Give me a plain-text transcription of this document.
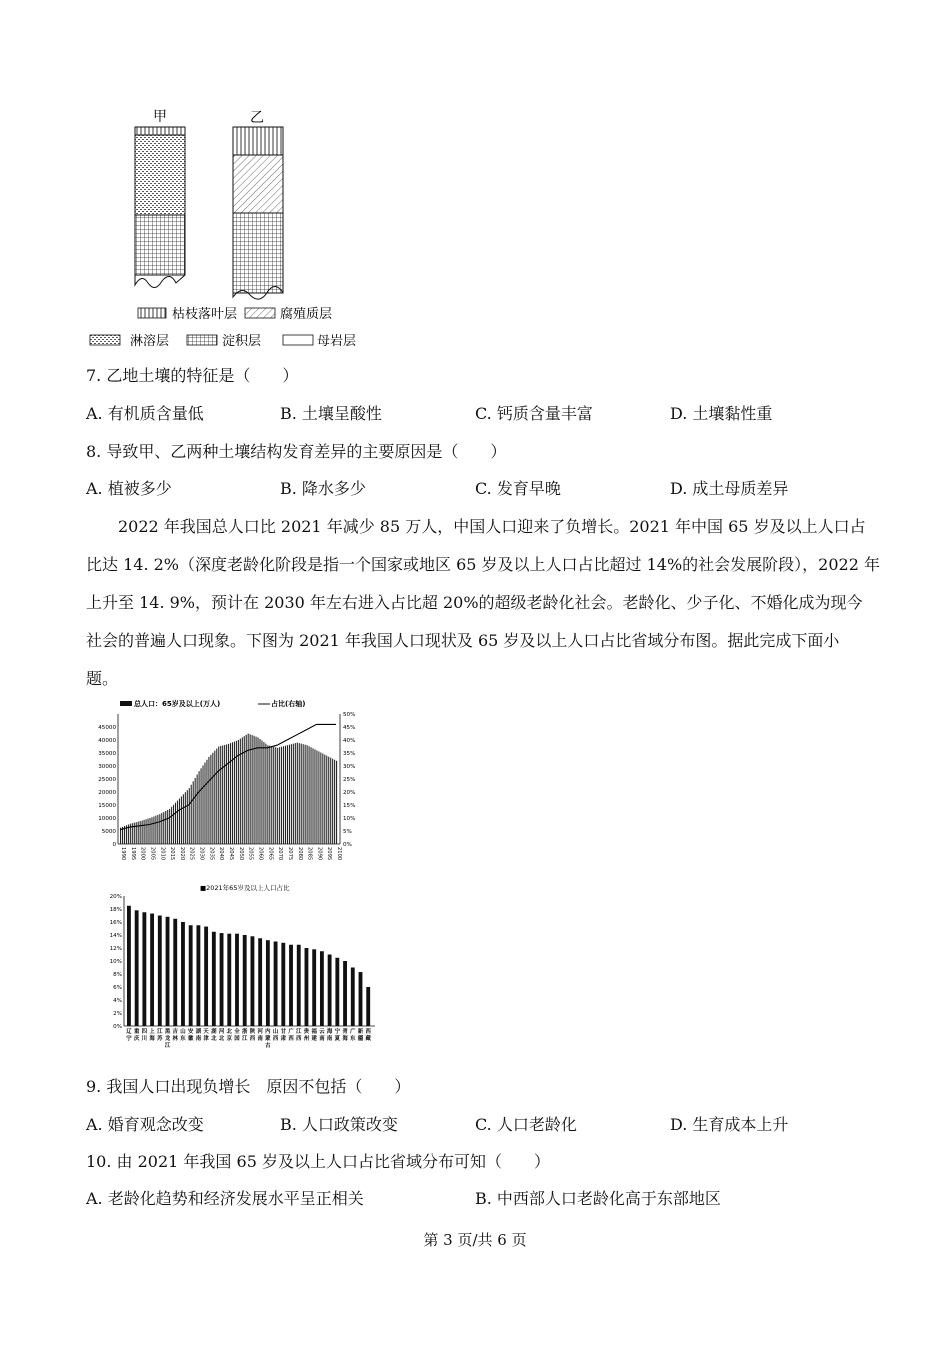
甲	乙
枯枝落叶层	腐殖质层
淋溶层	淀积层	母岩层
7. 乙地土壤的特征是（　　）
A. 有机质含量低	B. 土壤呈酸性	C. 钙质含量丰富	D. 土壤黏性重
8. 导致甲、乙两种土壤结构发育差异的主要原因是（　　）
A. 植被多少	B. 降水多少	C. 发育早晚	D. 成土母质差异
2022 年我国总人口比 2021 年减少 85 万人，中国人口迎来了负增长。2021 年中国 65 岁及以上人口占
比达 14. 2%（深度老龄化阶段是指一个国家或地区 65 岁及以上人口占比超过 14%的社会发展阶段），2022 年
上升至 14. 9%，预计在 2030 年左右进入占比超 20%的超级老龄化社会。老龄化、少子化、不婚化成为现今
社会的普遍人口现象。下图为 2021 年我国人口现状及 65 岁及以上人口占比省域分布图。据此完成下面小
题。
总人口：65岁及以上(万人)	占比(右轴)
0
5000
10000
15000
20000
25000
30000
35000
40000
45000
0%
5%
10%
15%
20%
25%
30%
35%
40%
45%
50%
1990 1995 2000 2005 2010 2015 2020 2025 2030 2035 2040 2045 2050 2055 2060 2065 2070 2075 2080 2085 2090 2095 2100
■2021年65岁及以上人口占比
0%
2%
4%
6%
8%
10%
12%
14%
16%
18%
20%
辽宁
重庆
四川
上海
江苏
黑龙江
吉林
山东
安徽
湖南
天津
湖北
河北
北京
全国
浙江
陕西
河南
内蒙古
山西
甘肃
广西
江西
贵州
福建
云南
海南
宁夏
青海
广东
新疆
西藏
9. 我国人口出现负增长　原因不包括（　　）
A. 婚育观念改变	B. 人口政策改变	C. 人口老龄化	D. 生育成本上升
10. 由 2021 年我国 65 岁及以上人口占比省域分布可知（　　）
A. 老龄化趋势和经济发展水平呈正相关	B. 中西部人口老龄化高于东部地区
第 3 页/共 6 页
